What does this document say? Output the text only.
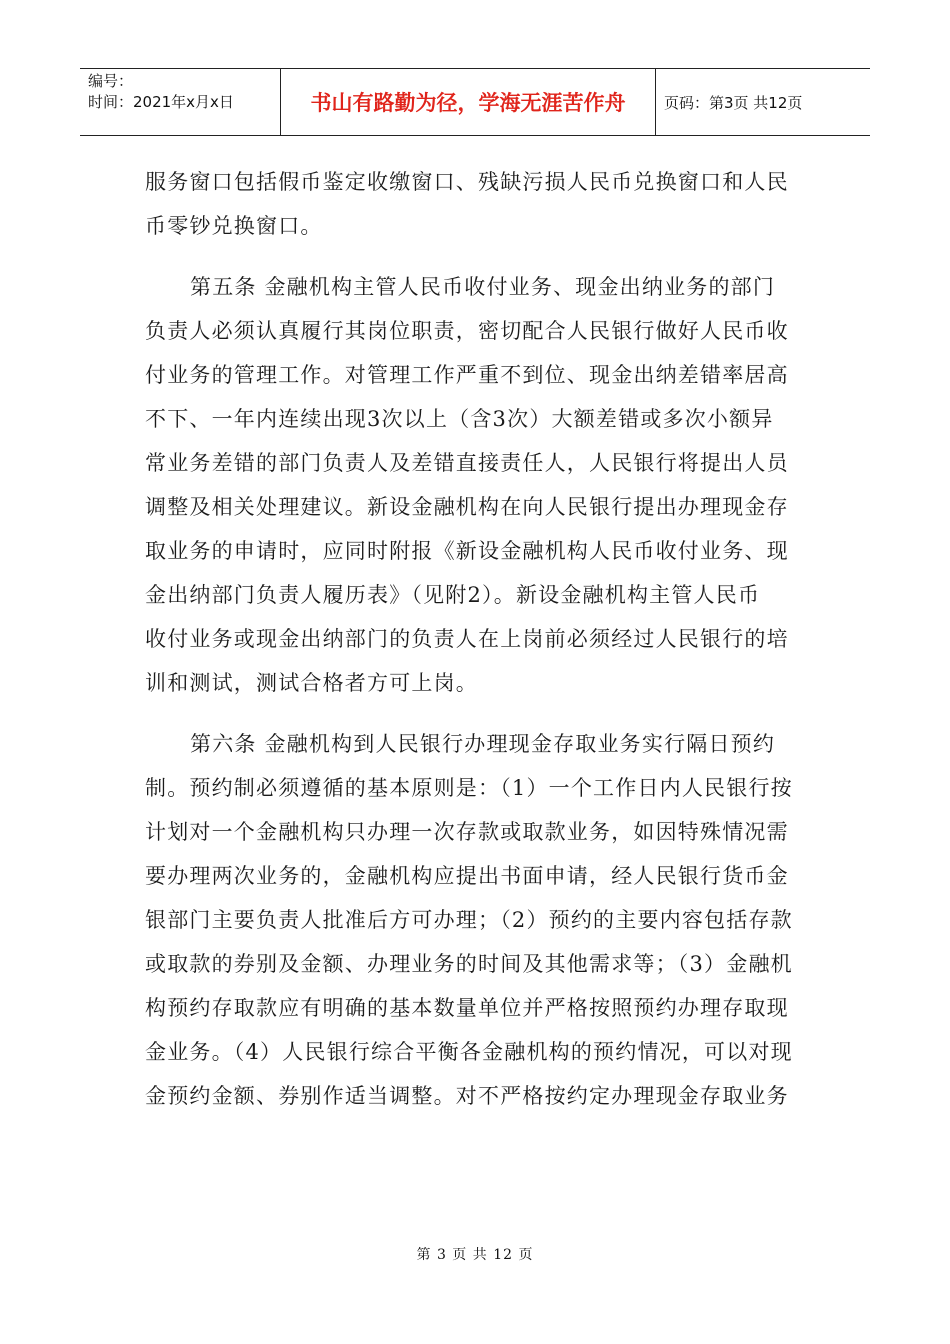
编号：
时间：2021年x月x日	书山有路勤为径，学海无涯苦作舟	页码：第3页 共12页
服务窗口包括假币鉴定收缴窗口、残缺污损人民币兑换窗口和人民
币零钞兑换窗口。
第五条 金融机构主管人民币收付业务、现金出纳业务的部门
负责人必须认真履行其岗位职责，密切配合人民银行做好人民币收
付业务的管理工作。对管理工作严重不到位、现金出纳差错率居高
不下、一年内连续出现3次以上（含3次）大额差错或多次小额异
常业务差错的部门负责人及差错直接责任人，人民银行将提出人员
调整及相关处理建议。新设金融机构在向人民银行提出办理现金存
取业务的申请时，应同时附报《新设金融机构人民币收付业务、现
金出纳部门负责人履历表》（见附2）。新设金融机构主管人民币
收付业务或现金出纳部门的负责人在上岗前必须经过人民银行的培
训和测试，测试合格者方可上岗。
第六条 金融机构到人民银行办理现金存取业务实行隔日预约
制。预约制必须遵循的基本原则是：（1）一个工作日内人民银行按
计划对一个金融机构只办理一次存款或取款业务，如因特殊情况需
要办理两次业务的，金融机构应提出书面申请，经人民银行货币金
银部门主要负责人批准后方可办理；（2）预约的主要内容包括存款
或取款的券别及金额、办理业务的时间及其他需求等；（3）金融机
构预约存取款应有明确的基本数量单位并严格按照预约办理存取现
金业务。（4）人民银行综合平衡各金融机构的预约情况，可以对现
金预约金额、券别作适当调整。对不严格按约定办理现金存取业务
第 3 页 共 12 页
